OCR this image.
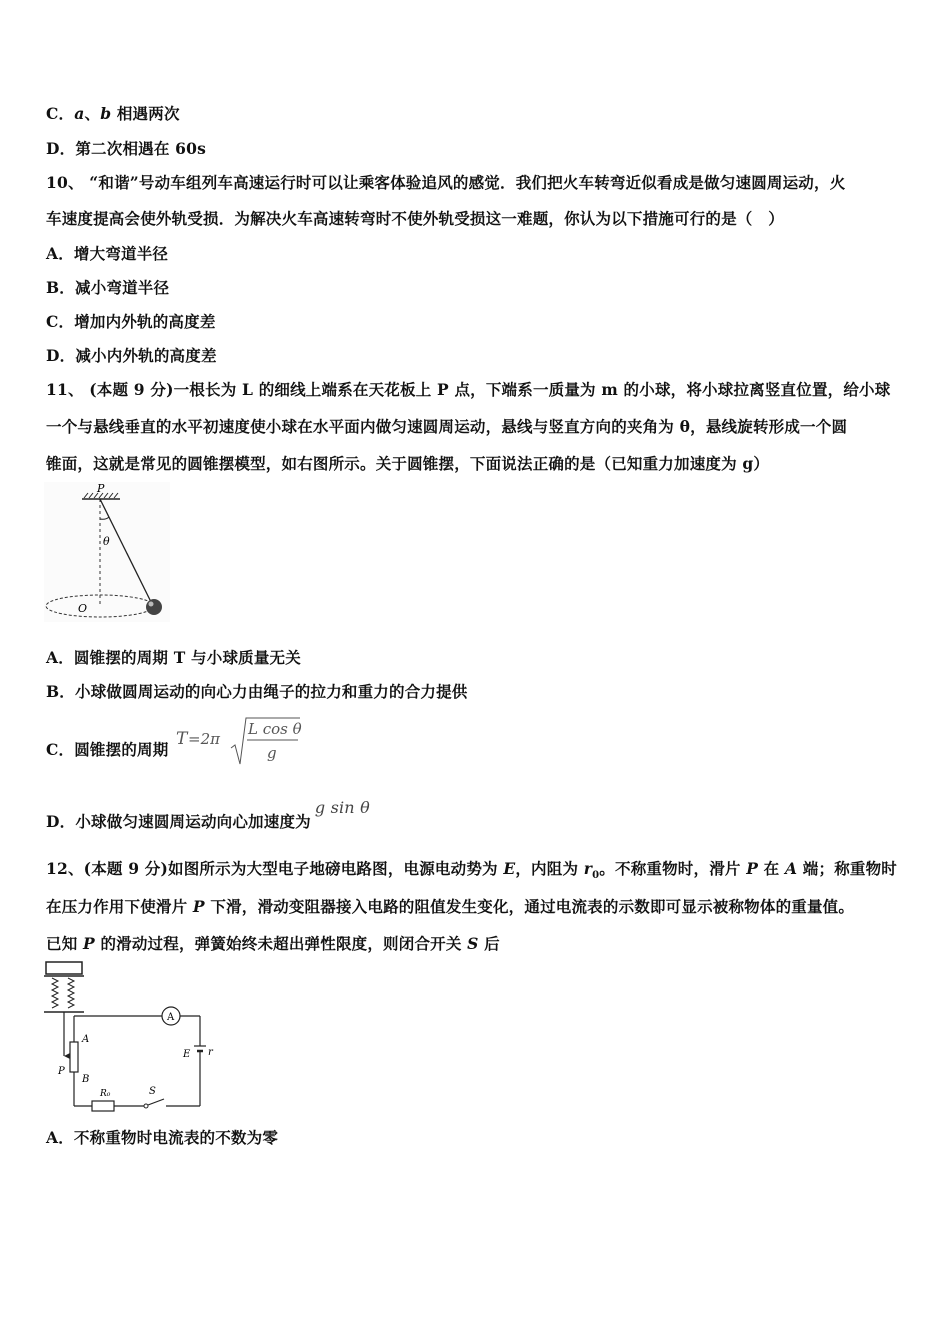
C．a、b 相遇两次
D．第二次相遇在 60s
10、 “和谐”号动车组列车高速运行时可以让乘客体验追风的感觉．我们把火车转弯近似看成是做匀速圆周运动，火
车速度提高会使外轨受损．为解决火车高速转弯时不使外轨受损这一难题，你认为以下措施可行的是（　）
A．增大弯道半径
B．减小弯道半径
C．增加内外轨的高度差
D．减小内外轨的高度差
11、 (本题 9 分)一根长为 L 的细线上端系在天花板上 P 点，下端系一质量为 m 的小球，将小球拉离竖直位置，给小球
一个与悬线垂直的水平初速度使小球在水平面内做匀速圆周运动，悬线与竖直方向的夹角为 θ，悬线旋转形成一个圆
锥面，这就是常见的圆锥摆模型，如右图所示。关于圆锥摆，下面说法正确的是（已知重力加速度为 g）
P
θ
O
A．圆锥摆的周期 T 与小球质量无关
B．小球做圆周运动的向心力由绳子的拉力和重力的合力提供
C．圆锥摆的周期
T =2π
L cos θ
g
D．小球做匀速圆周运动向心加速度为g sin θ
12、(本题 9 分)如图所示为大型电子地磅电路图，电源电动势为 E，内阻为 $r_0$。不称重物时，滑片 P 在 A 端；称重物时
在压力作用下使滑片 P 下滑，滑动变阻器接入电路的阻值发生变化，通过电流表的示数即可显示被称物体的重量值。
已知 P 的滑动过程，弹簧始终未超出弹性限度，则闭合开关 S 后
A
P
B
A
E r
R₀	S
A．不称重物时电流表的不数为零
